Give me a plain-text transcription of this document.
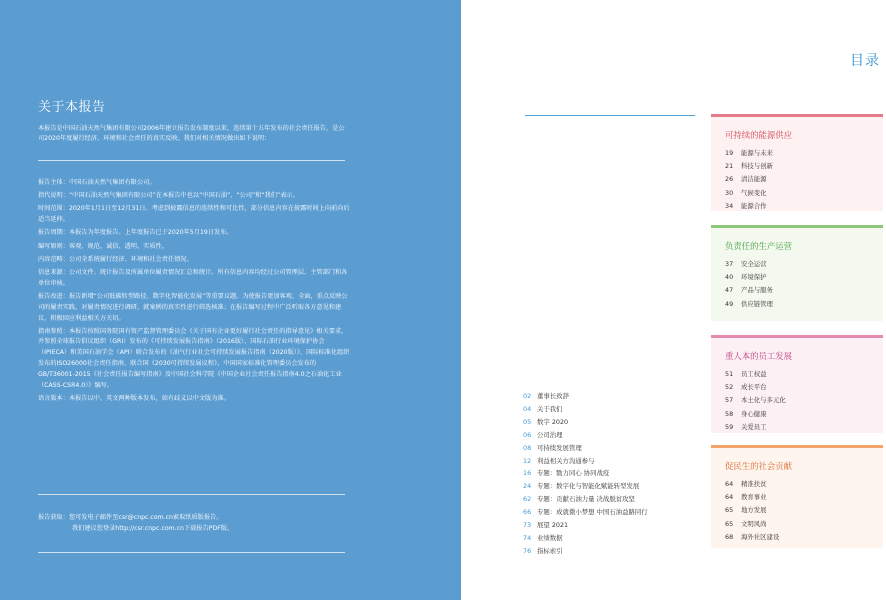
关于本报告
本报告是中国石油天然气集团有限公司2006年建立报告发布制度以来，连续第十五年发布的社会责任报告，是公司2020年度履行经济、环境和社会责任的真实反映。我们对相关情况做出如下说明：
报告主体：中国石油天然气集团有限公司。
指代说明：“中国石油天然气集团有限公司”在本报告中也以“中国石油”、“公司”和“我们”表示。
时间范围：2020年1月1日至12月31日。考虑到披露信息的连续性和可比性，部分信息内容在披露时间上向前向后适当延伸。
报告周期：本报告为年度报告。上年度报告已于2020年5月19日发布。
编写原则：客观、规范、诚信、透明、实质性。
内容范畴：公司全系统履行经济、环境和社会责任情况。
信息来源：公司文件、统计报告及所属单位履责情况汇总和统计。所有信息内容均经过公司管理层、主管部门和各单位审核。
报告改进：报告新增“公司低碳转型路径、数字化智能化发展”等重要议题。为使报告更加客观、全面，重点反映公司的履责实践，对履责情况进行调研，就案例的真实性进行筛选核准；在报告编写过程中广泛听取各方意见和建议，积极回应利益相关方关切。
指南参照：本报告按照国务院国有资产监督管理委员会《关于国有企业更好履行社会责任的指导意见》相关要求，并参照全球报告倡议组织（GRI）发布的《可持续发展报告指南》（2016版）、国际石油行业环境保护协会（IPIECA）和美国石油学会（API）联合发布的《油气行业社会可持续发展报告指南（2020版）》、国际标准化组织发布的ISO26000社会责任指南、联合国《2030可持续发展议程》、中国国家标准化管理委员会发布的GB/T36001-2015《社会责任报告编写指南》及中国社会科学院《中国企业社会责任报告指南4.0之石油化工业（CASS-CSR4.0）》编写。
语言版本：本报告以中、英文两种版本发布，如有歧义以中文版为准。
报告获取：您可发电子邮件至csr@cnpc.com.cn索取纸质版报告。
我们建议您登录http://csr.cnpc.com.cn下载报告PDF版。
目录
可持续的能源供应
19 能源与未来
21 科技与创新
26 清洁能源
30 气候变化
34 能源合作
负责任的生产运营
37 安全运营
40 环境保护
47 产品与服务
49 供应链管理
重人本的员工发展
51 员工权益
52 成长平台
57 本土化与多元化
58 身心健康
59 关爱员工
促民生的社会贡献
64 精准扶贫
64 教育事业
65 地方发展
65 文明风尚
68 海外社区建设
02 董事长致辞
04 关于我们
05 数字 2020
06 公司治理
08 可持续发展管理
12 利益相关方沟通参与
16 专题：勠力同心 协同战疫
24 专题：数字化与智能化赋能转型发展
62 专题：贡献石油力量 决战脱贫攻坚
66 专题：成就微小梦想 中国石油益路同行
73 展望 2021
74 业绩数据
76 指标索引
